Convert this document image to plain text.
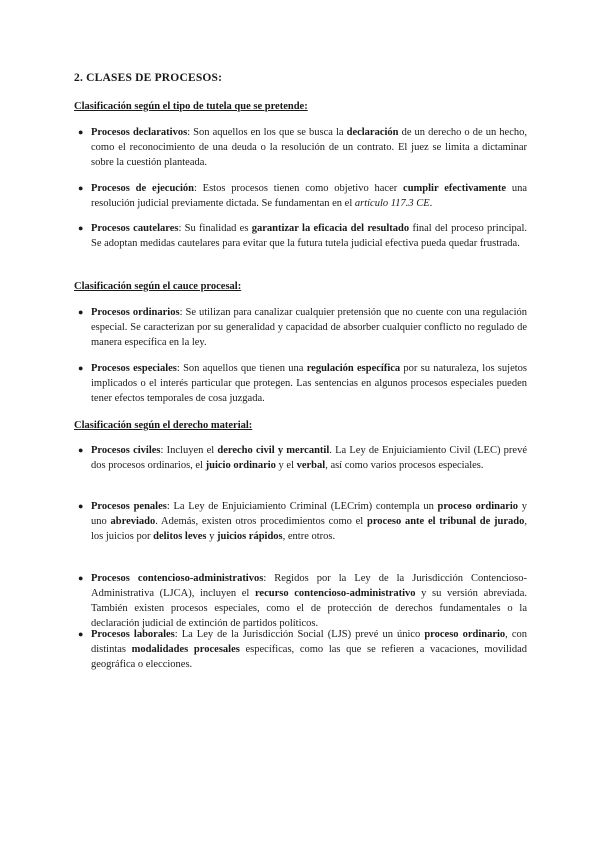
2. CLASES DE PROCESOS:
Clasificación según el tipo de tutela que se pretende:
● Procesos declarativos: Son aquellos en los que se busca la declaración de un derecho o de un hecho, como el reconocimiento de una deuda o la resolución de un contrato. El juez se limita a dictaminar sobre la cuestión planteada.
● Procesos de ejecución: Estos procesos tienen como objetivo hacer cumplir efectivamente una resolución judicial previamente dictada. Se fundamentan en el artículo 117.3 CE.
● Procesos cautelares: Su finalidad es garantizar la eficacia del resultado final del proceso principal. Se adoptan medidas cautelares para evitar que la futura tutela judicial efectiva pueda quedar frustrada.
Clasificación según el cauce procesal:
● Procesos ordinarios: Se utilizan para canalizar cualquier pretensión que no cuente con una regulación especial. Se caracterizan por su generalidad y capacidad de absorber cualquier conflicto no regulado de manera específica en la ley.
● Procesos especiales: Son aquellos que tienen una regulación específica por su naturaleza, los sujetos implicados o el interés particular que protegen. Las sentencias en algunos procesos especiales pueden tener efectos temporales de cosa juzgada.
Clasificación según el derecho material:
● Procesos civiles: Incluyen el derecho civil y mercantil. La Ley de Enjuiciamiento Civil (LEC) prevé dos procesos ordinarios, el juicio ordinario y el verbal, así como varios procesos especiales.
● Procesos penales: La Ley de Enjuiciamiento Criminal (LECrim) contempla un proceso ordinario y uno abreviado. Además, existen otros procedimientos como el proceso ante el tribunal de jurado, los juicios por delitos leves y juicios rápidos, entre otros.
● Procesos contencioso-administrativos: Regidos por la Ley de la Jurisdicción Contencioso-Administrativa (LJCA), incluyen el recurso contencioso-administrativo y su versión abreviada. También existen procesos especiales, como el de protección de derechos fundamentales o la declaración judicial de extinción de partidos políticos.
● Procesos laborales: La Ley de la Jurisdicción Social (LJS) prevé un único proceso ordinario, con distintas modalidades procesales específicas, como las que se refieren a vacaciones, movilidad geográfica o elecciones.
